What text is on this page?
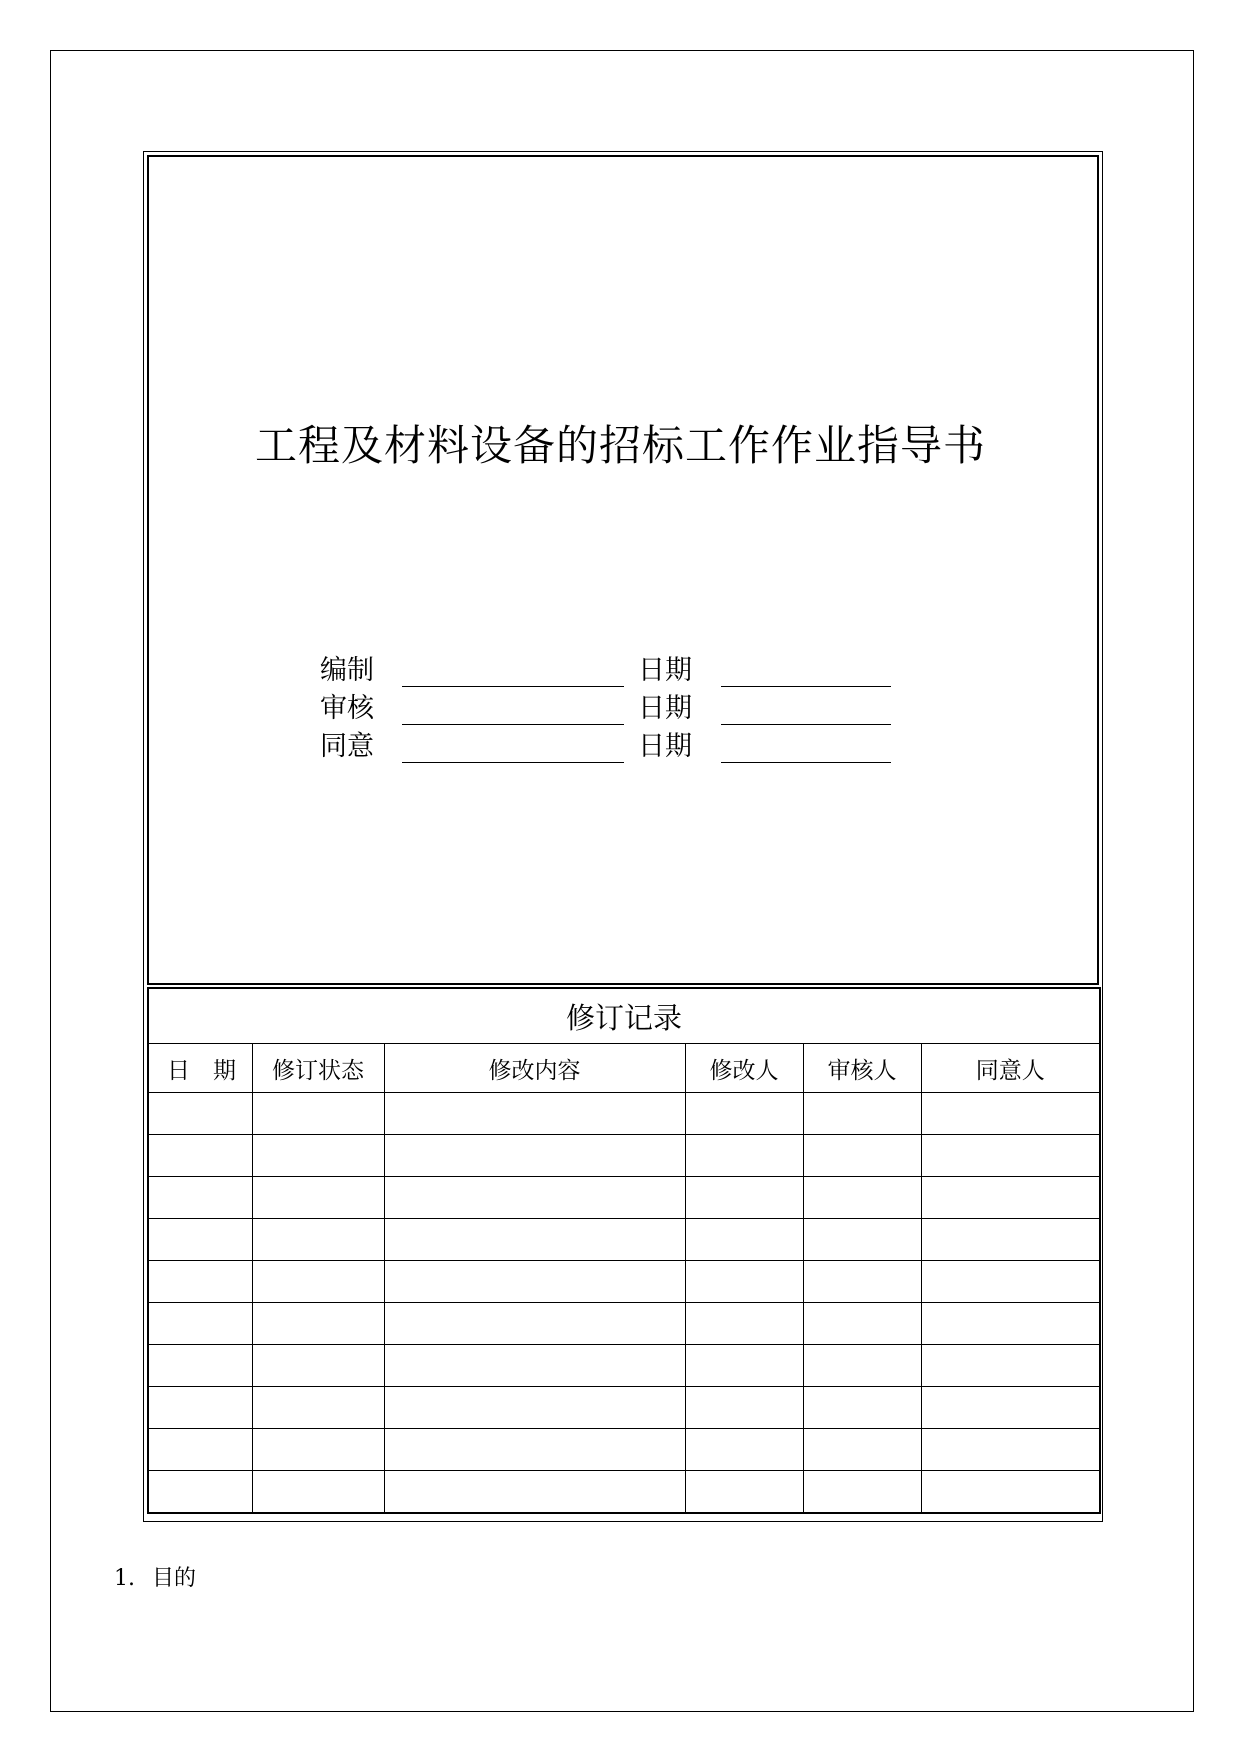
工程及材料设备的招标工作作业指导书
编制	日期
审核	日期
同意	日期
修订记录					
日　期	修订状态	修改内容	修改人	审核人	同意人

1. 目的
